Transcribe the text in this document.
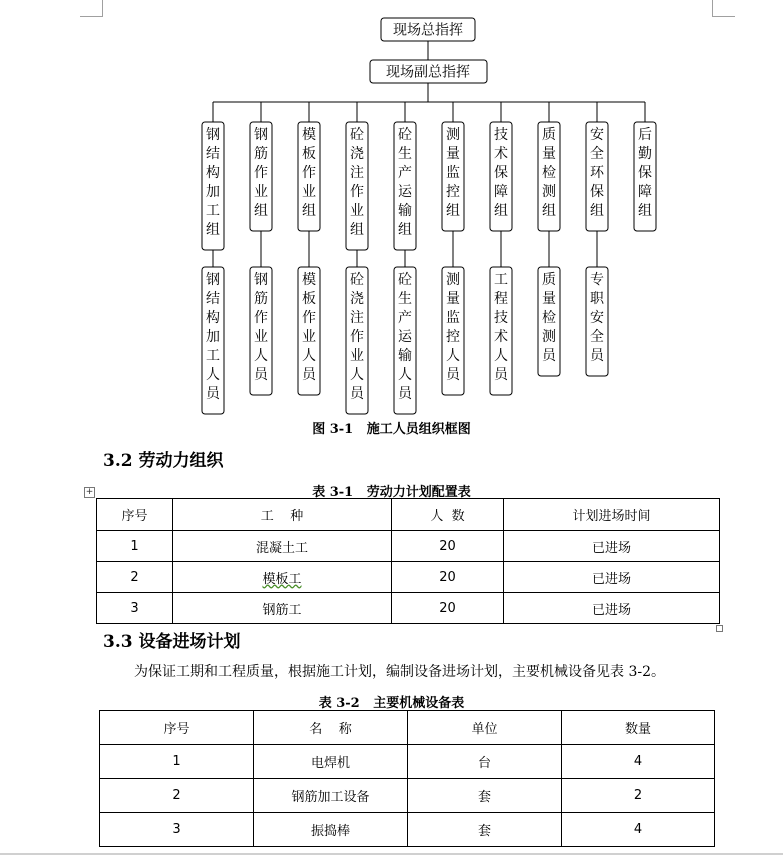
现场总指挥
现场副总指挥
钢结构加工组
钢结构加工人员
钢筋作业组
钢筋作业人员
模板作业组
模板作业人员
砼浇注作业组
砼浇注作业人员
砼生产运输组
砼生产运输人员
测量监控组
测量监控人员
技术保障组
工程技术人员
质量检测组
质量检测员
安全环保组
专职安全员
后勤保障组
图 3-1   施工人员组织框图
3.2 劳动力组织
表 3-1   劳动力计划配置表
+
序号	工    种	人  数	计划进场时间
1	混凝土工	20	已进场
2	模板工	20	已进场
3	钢筋工	20	已进场
3.3 设备进场计划
为保证工期和工程质量，根据施工计划，编制设备进场计划，主要机械设备见表 3-2。
表 3-2   主要机械设备表
序号	名    称	单位	数量
1	电焊机	台	4
2	钢筋加工设备	套	2
3	振捣棒	套	4
